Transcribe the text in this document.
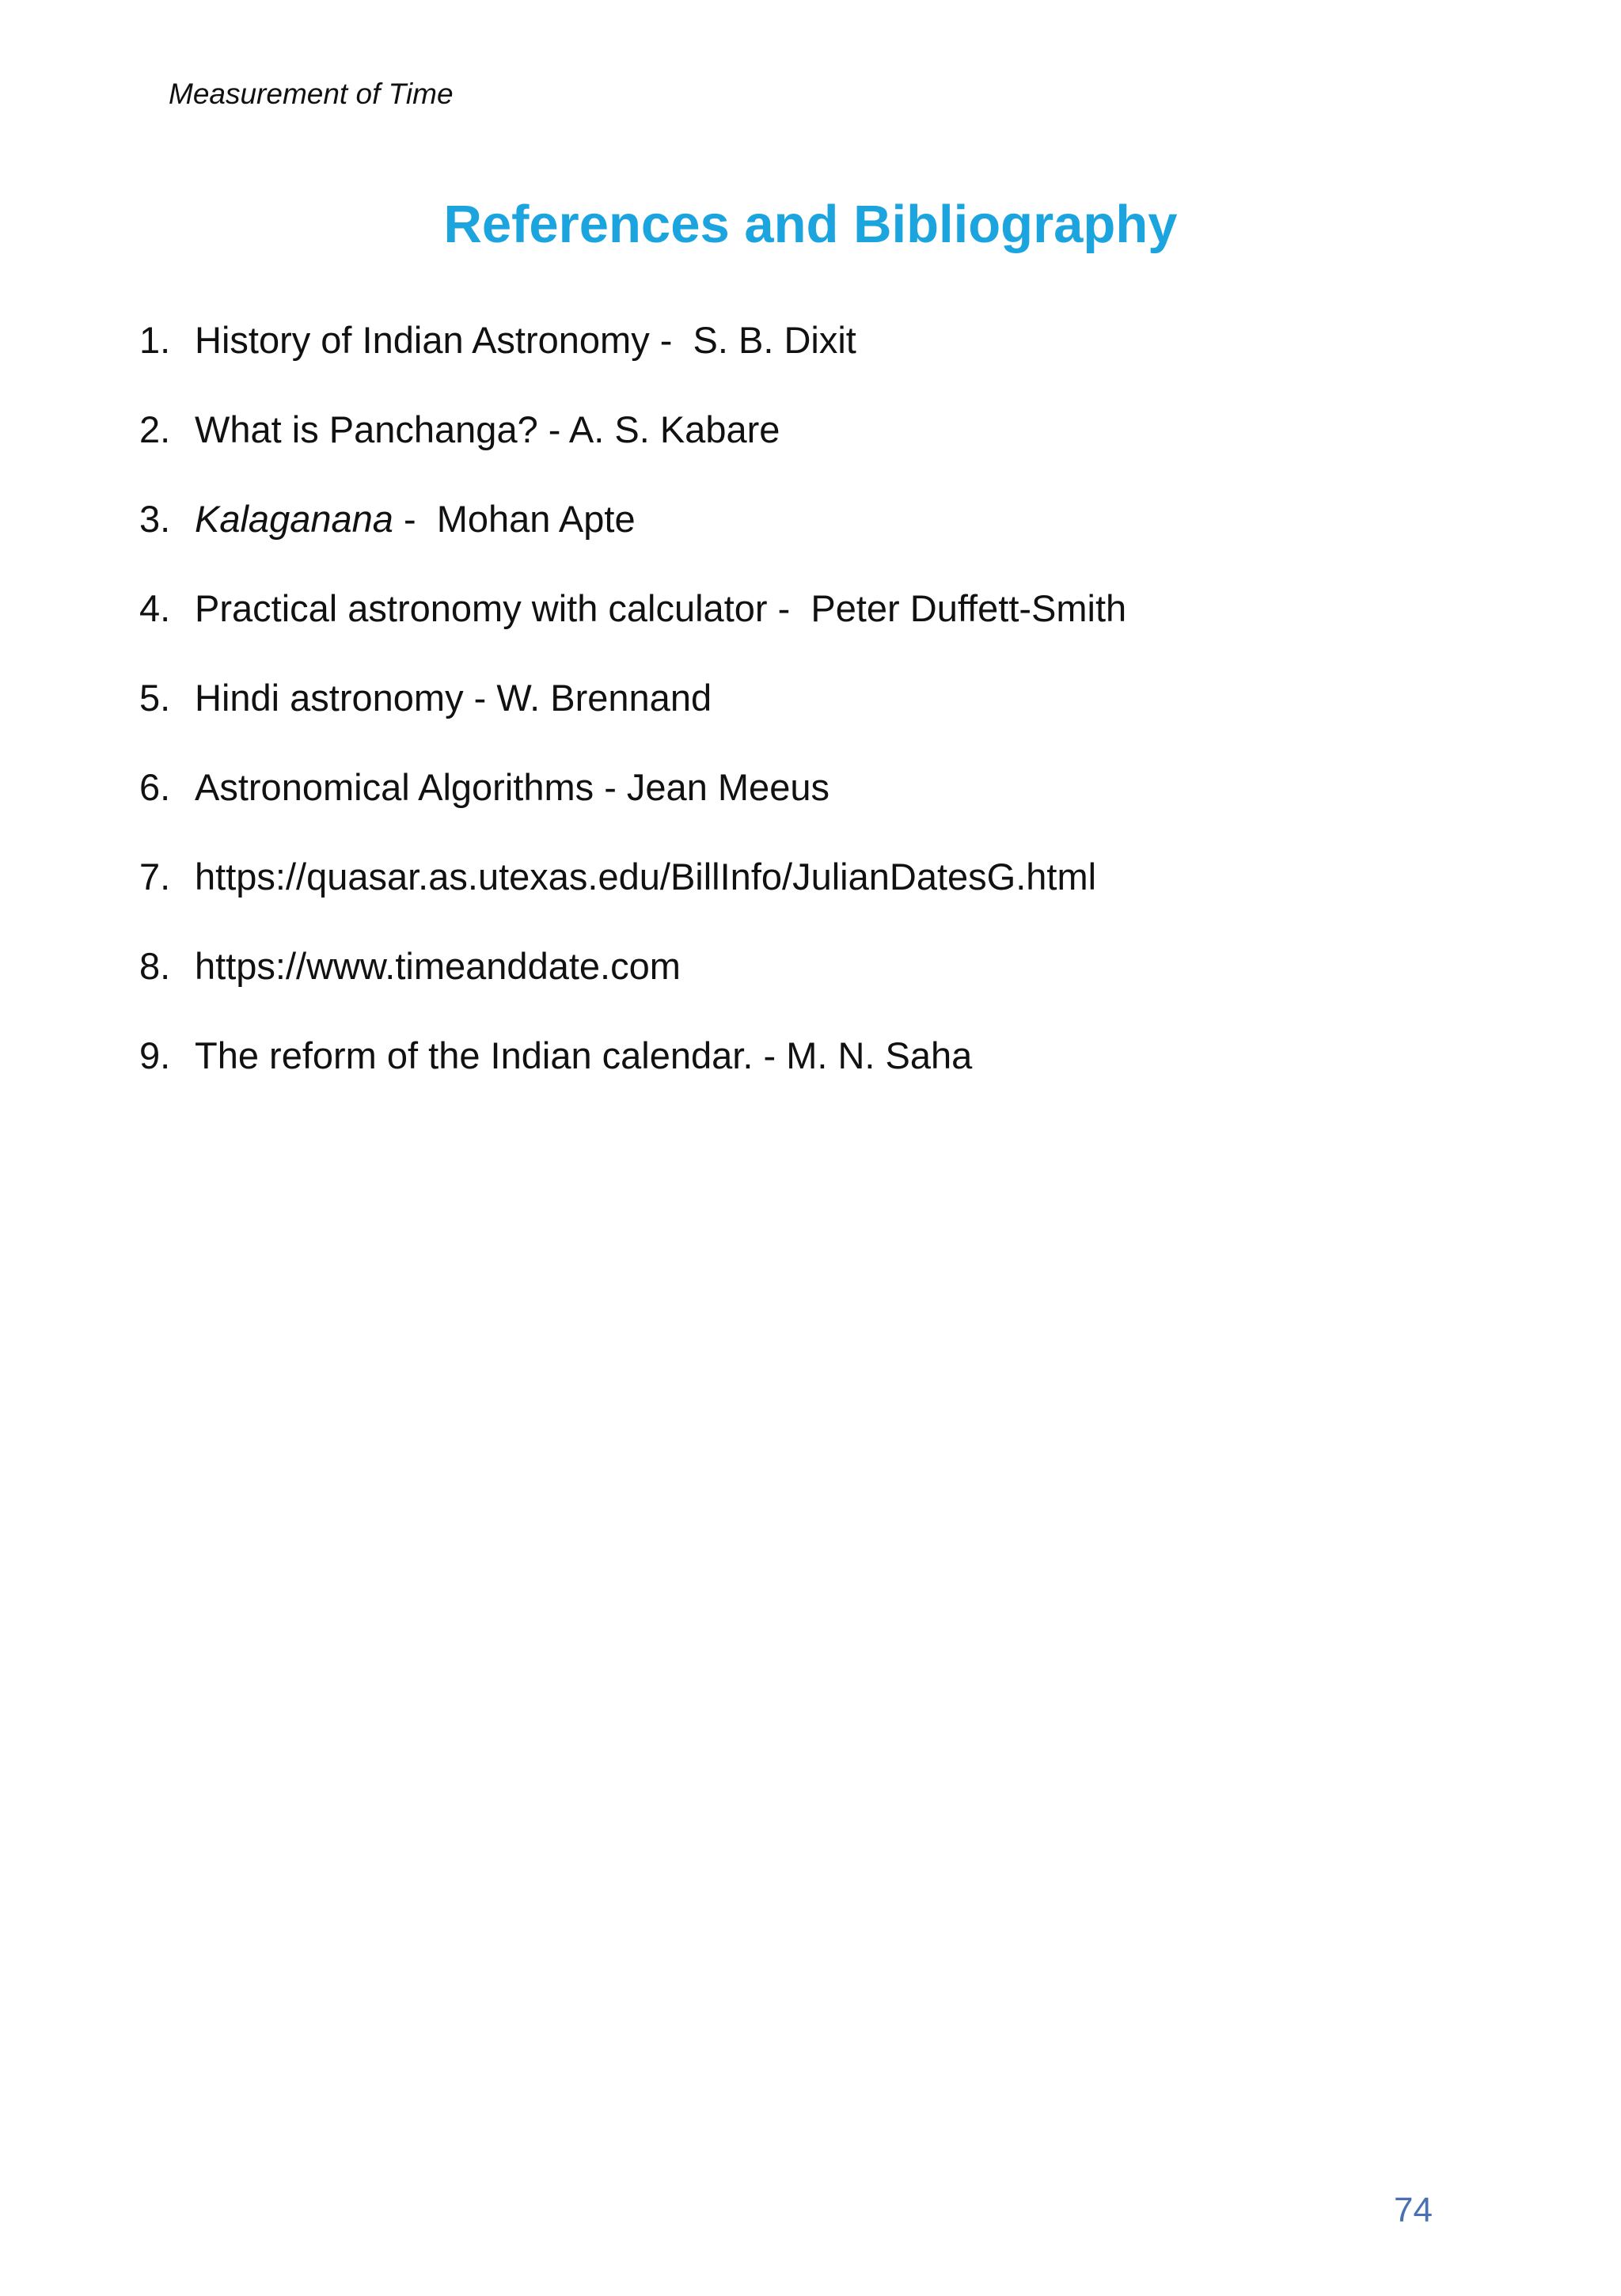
Measurement of Time
References and Bibliography
1. History of Indian Astronomy -  S. B. Dixit
2. What is Panchanga? - A. S. Kabare
3. Kalaganana -  Mohan Apte
4. Practical astronomy with calculator -  Peter Duffett-Smith
5. Hindi astronomy - W. Brennand
6. Astronomical Algorithms - Jean Meeus
7. https://quasar.as.utexas.edu/BillInfo/JulianDatesG.html
8. https://www.timeanddate.com
9. The reform of the Indian calendar. - M. N. Saha
74
